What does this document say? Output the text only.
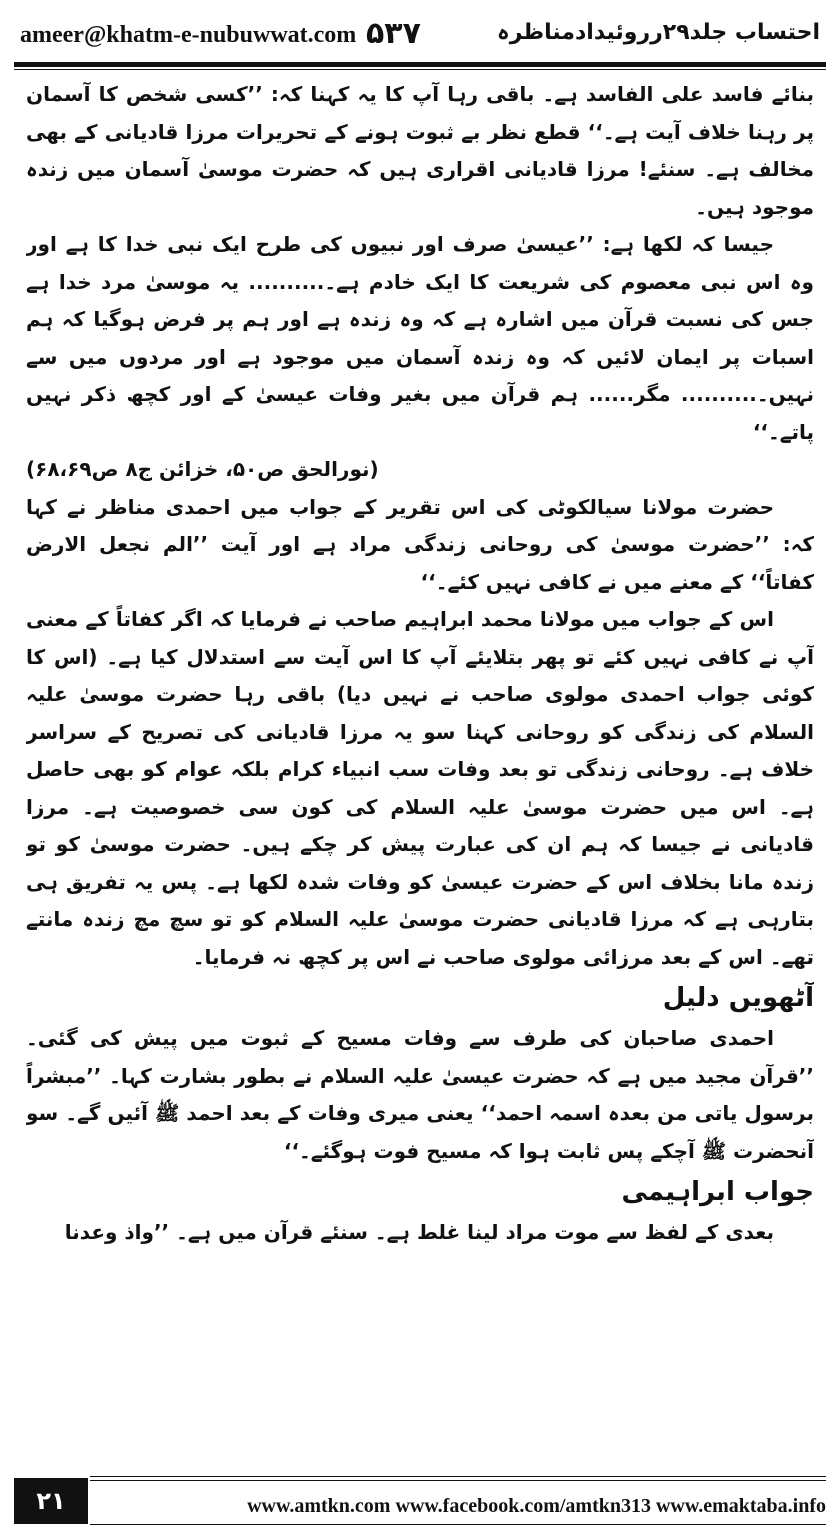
ameer@khatm-e-nubuwwat.com ۵۳۷	احتساب جلد۲۹رروئیدادمناظرہ

بنائے فاسد علی الفاسد ہے۔ باقی رہا آپ کا یہ کہنا کہ: ’’کسی شخص کا آسمان پر رہنا خلاف آیت ہے۔‘‘ قطع نظر بے ثبوت ہونے کے تحریرات مرزا قادیانی کے بھی مخالف ہے۔ سنئے! مرزا قادیانی اقراری ہیں کہ حضرت موسیٰ آسمان میں زندہ موجود ہیں۔

جیسا کہ لکھا ہے: ’’عیسیٰ صرف اور نبیوں کی طرح ایک نبی خدا کا ہے اور وہ اس نبی معصوم کی شریعت کا ایک خادم ہے۔.......... یہ موسیٰ مرد خدا ہے جس کی نسبت قرآن میں اشارہ ہے کہ وہ زندہ ہے اور ہم پر فرض ہوگیا کہ ہم اسبات پر ایمان لائیں کہ وہ زندہ آسمان میں موجود ہے اور مردوں میں سے نہیں۔.......... مگر...... ہم قرآن میں بغیر وفات عیسیٰ کے اور کچھ ذکر نہیں پاتے۔‘‘

(نورالحق ص۵۰، خزائن ج۸ ص۶۸،۶۹)

حضرت مولانا سیالکوٹی کی اس تقریر کے جواب میں احمدی مناظر نے کہا کہ: ’’حضرت موسیٰ کی روحانی زندگی مراد ہے اور آیت ’’الم نجعل الارض کفاتاً‘‘ کے معنے میں نے کافی نہیں کئے۔‘‘

اس کے جواب میں مولانا محمد ابراہیم صاحب نے فرمایا کہ اگر کفاتاً کے معنی آپ نے کافی نہیں کئے تو پھر بتلایئے آپ کا اس آیت سے استدلال کیا ہے۔ (اس کا کوئی جواب احمدی مولوی صاحب نے نہیں دیا) باقی رہا حضرت موسیٰ علیہ السلام کی زندگی کو روحانی کہنا سو یہ مرزا قادیانی کی تصریح کے سراسر خلاف ہے۔ روحانی زندگی تو بعد وفات سب انبیاء کرام بلکہ عوام کو بھی حاصل ہے۔ اس میں حضرت موسیٰ علیہ السلام کی کون سی خصوصیت ہے۔ مرزا قادیانی نے جیسا کہ ہم ان کی عبارت پیش کر چکے ہیں۔ حضرت موسیٰ کو تو زندہ مانا بخلاف اس کے حضرت عیسیٰ کو وفات شدہ لکھا ہے۔ پس یہ تفریق ہی بتارہی ہے کہ مرزا قادیانی حضرت موسیٰ علیہ السلام کو تو سچ مچ زندہ مانتے تھے۔ اس کے بعد مرزائی مولوی صاحب نے اس پر کچھ نہ فرمایا۔

آٹھویں دلیل

احمدی صاحبان کی طرف سے وفات مسیح کے ثبوت میں پیش کی گئی۔ ’’قرآن مجید میں ہے کہ حضرت عیسیٰ علیہ السلام نے بطور بشارت کہا۔ ’’مبشراً برسول یاتی من بعدہ اسمہ احمد‘‘ یعنی میری وفات کے بعد احمد ﷺ آئیں گے۔ سو آنحضرت ﷺ آچکے پس ثابت ہوا کہ مسیح فوت ہوگئے۔‘‘

جواب ابراہیمی

بعدی کے لفظ سے موت مراد لینا غلط ہے۔ سنئے قرآن میں ہے۔ ’’واذ وعدنا

۲۱	www.amtkn.com www.facebook.com/amtkn313 www.emaktaba.info
